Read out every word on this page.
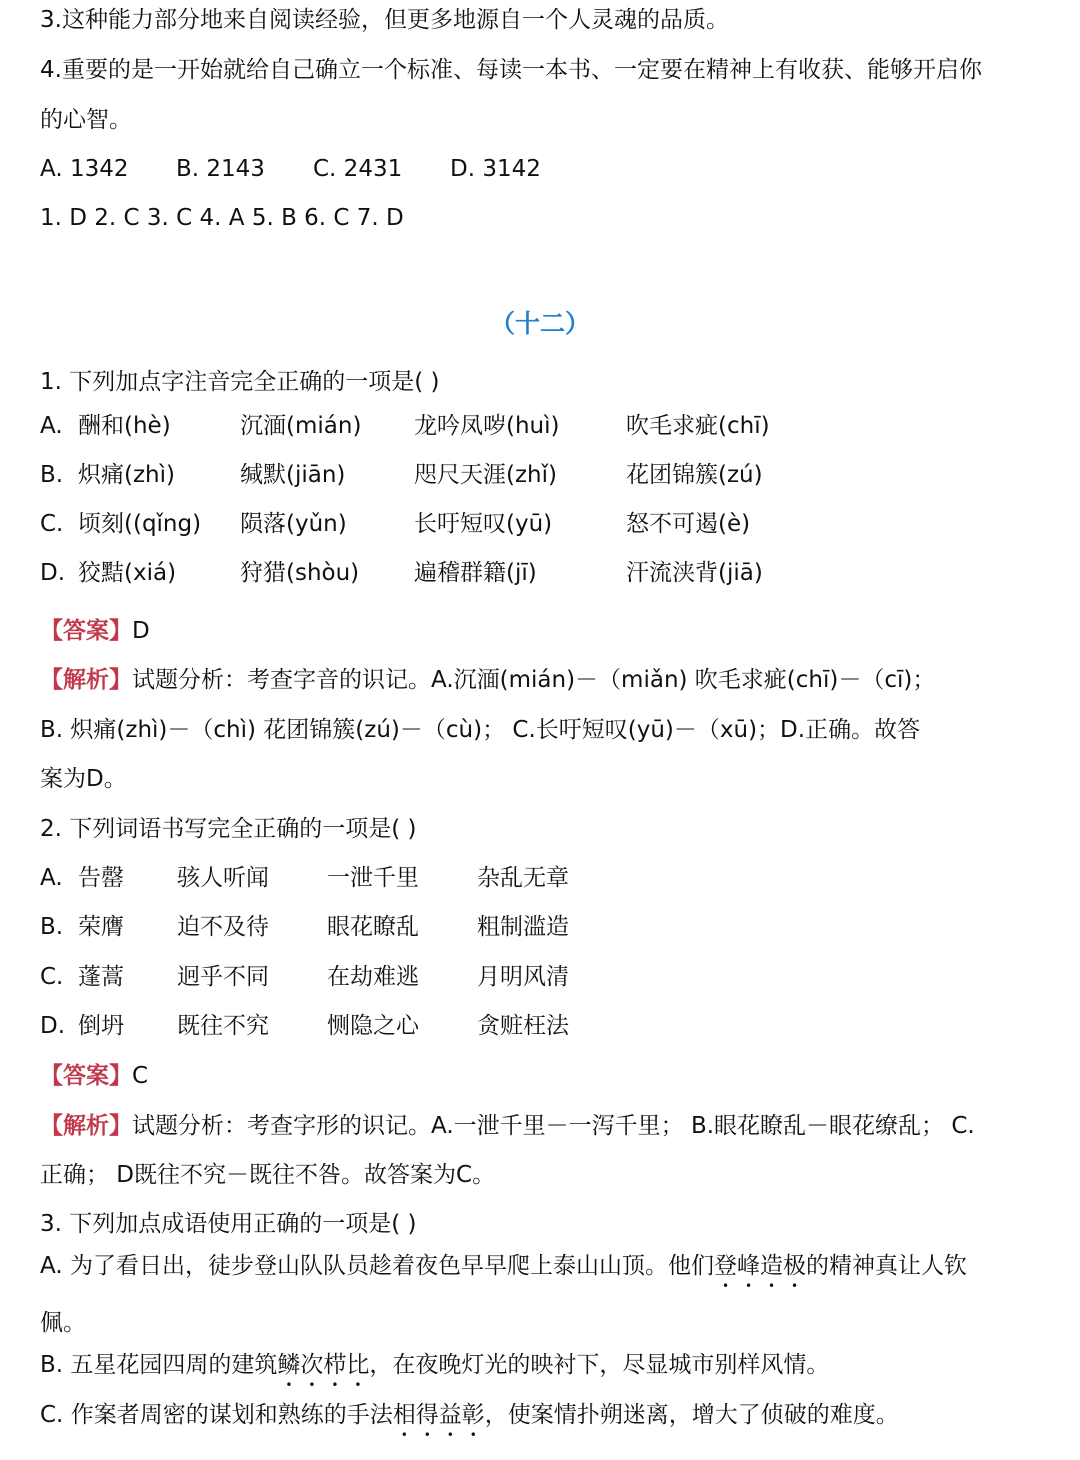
3.这种能力部分地来自阅读经验，但更多地源自一个人灵魂的品质。
4.重要的是一开始就给自己确立一个标准、每读一本书、一定要在精神上有收获、能够开启你
的心智。
A. 1342 B. 2143 C. 2431 D. 3142
1. D 2. C 3. C 4. A 5. B 6. C 7. D
（十二）
1. 下列加点字注音完全正确的一项是( )
A. 酬和(hè)	沉湎(mián) 龙吟凤哕(huì)	吹毛求疵(chī)
B. 炽痛(zhì)	缄默(jiān)	咫尺天涯(zhǐ)	花团锦簇(zú)
C. 顷刻((qǐng) 陨落(yǔn)	长吁短叹(yū)	怒不可遏(è)
D. 狡黠(xiá)	狩猎(shòu) 遍稽群籍(jī)	汗流浃背(jiā)
【答案】D
【解析】试题分析：考查字音的识记。A.沉湎(mián)－（miǎn) 吹毛求疵(chī)－（cī)；
B. 炽痛(zhì)－（chì) 花团锦簇(zú)－（cù)； C.长吁短叹(yū)－（xū)；D.正确。故答
案为D。
2. 下列词语书写完全正确的一项是( )
A. 告罄 骇人听闻	一泄千里	杂乱无章
B. 荣膺 迫不及待	眼花瞭乱	粗制滥造
C. 蓬蒿 迥乎不同	在劫难逃	月明风清
D. 倒坍 既往不究	恻隐之心	贪赃枉法
【答案】C
【解析】试题分析：考查字形的识记。A.一泄千里－一泻千里； B.眼花瞭乱－眼花缭乱； C.
正确； D既往不究－既往不咎。故答案为C。
3. 下列加点成语使用正确的一项是( )
A. 为了看日出，徒步登山队队员趁着夜色早早爬上泰山山顶。他们登峰造极的精神真让人钦
佩。
B. 五星花园四周的建筑鳞次栉比，在夜晚灯光的映衬下，尽显城市别样风情。
C. 作案者周密的谋划和熟练的手法相得益彰，使案情扑朔迷离，增大了侦破的难度。
